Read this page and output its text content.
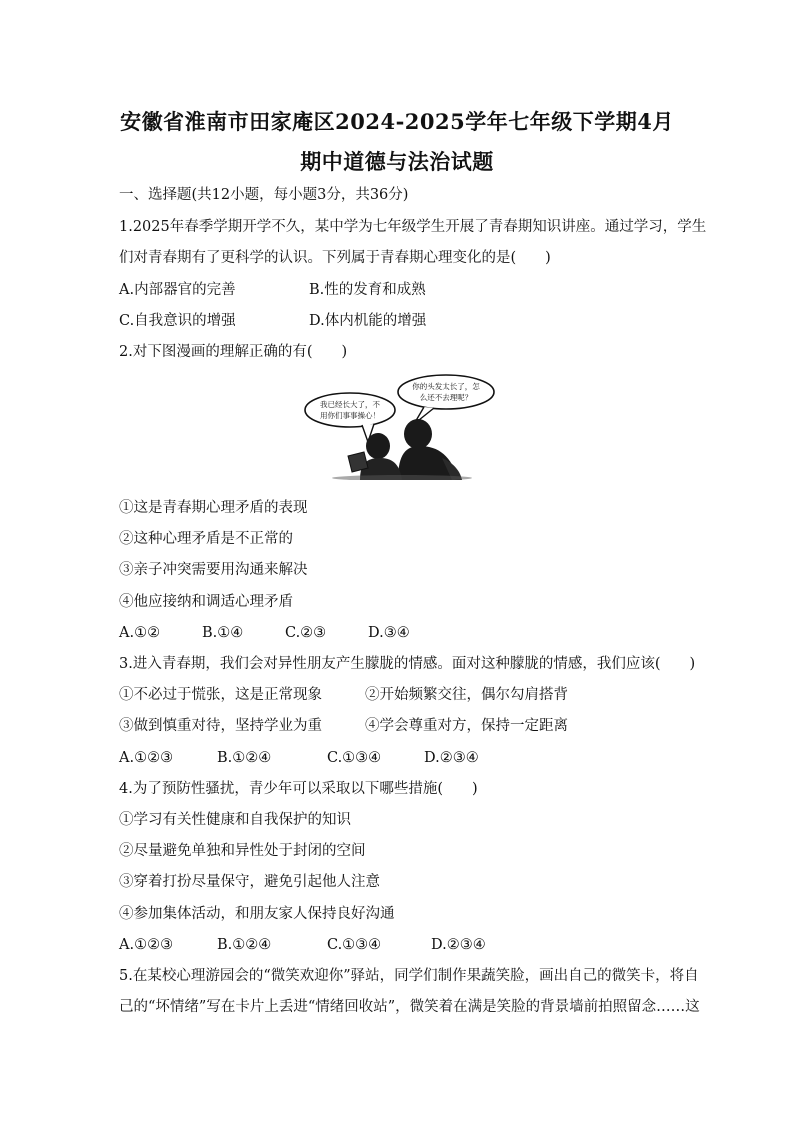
安徽省淮南市田家庵区2024-2025学年七年级下学期4月
期中道德与法治试题
一、选择题(共12小题，每小题3分，共36分)
1.2025年春季学期开学不久，某中学为七年级学生开展了青春期知识讲座。通过学习，学生
们对青春期有了更科学的认识。下列属于青春期心理变化的是(　　)
A.内部器官的完善	B.性的发育和成熟
C.自我意识的增强	D.体内机能的增强
2.对下图漫画的理解正确的有(　　)
我已经长大了，不
用你们事事操心！
你的头发太长了，怎
么还不去理呢？
①这是青春期心理矛盾的表现
②这种心理矛盾是不正常的
③亲子冲突需要用沟通来解决
④他应接纳和调适心理矛盾
A.①②	B.①④	C.②③	D.③④
3.进入青春期，我们会对异性朋友产生朦胧的情感。面对这种朦胧的情感，我们应该(　　)
①不必过于慌张，这是正常现象	②开始频繁交往，偶尔勾肩搭背
③做到慎重对待，坚持学业为重	④学会尊重对方，保持一定距离
A.①②③	B.①②④	C.①③④	D.②③④
4.为了预防性骚扰，青少年可以采取以下哪些措施(　　)
①学习有关性健康和自我保护的知识
②尽量避免单独和异性处于封闭的空间
③穿着打扮尽量保守，避免引起他人注意
④参加集体活动，和朋友家人保持良好沟通
A.①②③	B.①②④	C.①③④	D.②③④
5.在某校心理游园会的“微笑欢迎你”驿站，同学们制作果蔬笑脸，画出自己的微笑卡，将自
己的“坏情绪”写在卡片上丢进“情绪回收站”，微笑着在满是笑脸的背景墙前拍照留念……这
